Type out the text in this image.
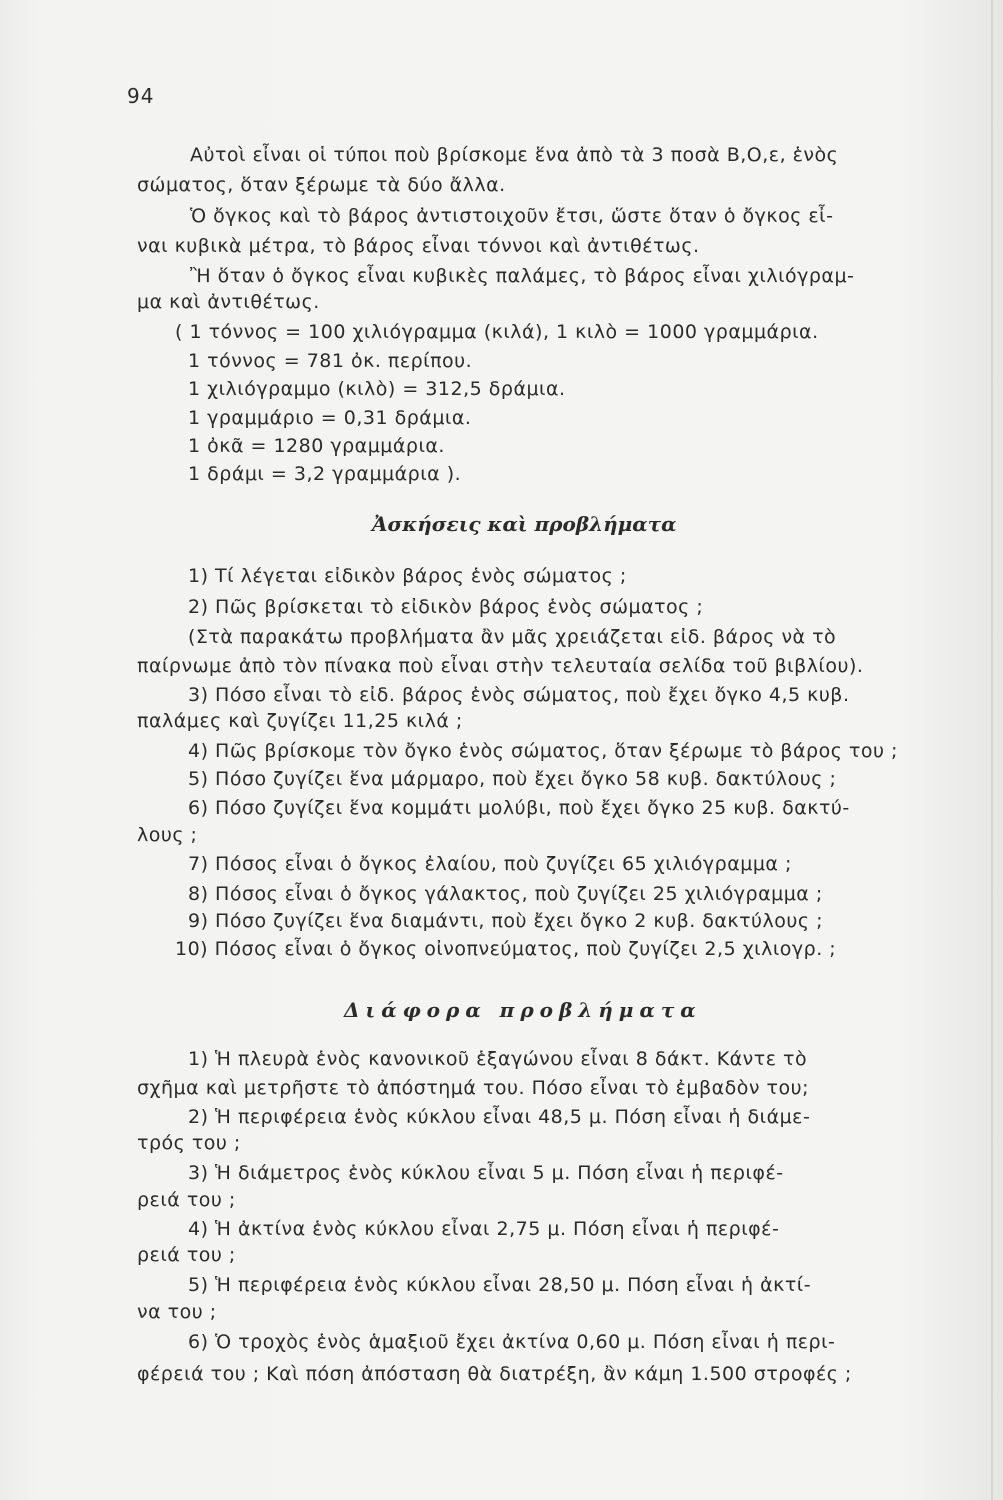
94
Αὐτοὶ εἶναι οἱ τύποι ποὺ βρίσκομε ἕνα ἀπὸ τὰ 3 ποσὰ Β,Ο,ε, ἑνὸς
σώματος, ὅταν ξέρωμε τὰ δύο ἄλλα.
Ὁ ὄγκος καὶ τὸ βάρος ἀντιστοιχοῦν ἔτσι, ὥστε ὅταν ὁ ὄγκος εἶ-
ναι κυβικὰ μέτρα, τὸ βάρος εἶναι τόννοι καὶ ἀντιθέτως.
Ἢ ὅταν ὁ ὄγκος εἶναι κυβικὲς παλάμες, τὸ βάρος εἶναι χιλιόγραμ-
μα καὶ ἀντιθέτως.
( 1 τόννος = 100 χιλιόγραμμα (κιλά), 1 κιλὸ = 1000 γραμμάρια.
1 τόννος = 781 ὀκ. περίπου.
1 χιλιόγραμμο (κιλὸ) = 312,5 δράμια.
1 γραμμάριο = 0,31 δράμια.
1 ὀκᾶ = 1280 γραμμάρια.
1 δράμι = 3,2 γραμμάρια ).
Ἀσκήσεις καὶ προβλήματα
1) Τί λέγεται εἰδικὸν βάρος ἑνὸς σώματος ;
2) Πῶς βρίσκεται τὸ εἰδικὸν βάρος ἑνὸς σώματος ;
(Στὰ παρακάτω προβλήματα ἂν μᾶς χρειάζεται εἰδ. βάρος νὰ τὸ
παίρνωμε ἀπὸ τὸν πίνακα ποὺ εἶναι στὴν τελευταία σελίδα τοῦ βιβλίου).
3) Πόσο εἶναι τὸ εἰδ. βάρος ἑνὸς σώματος, ποὺ ἔχει ὄγκο 4,5 κυβ.
παλάμες καὶ ζυγίζει 11,25 κιλά ;
4) Πῶς βρίσκομε τὸν ὄγκο ἑνὸς σώματος, ὅταν ξέρωμε τὸ βάρος του ;
5) Πόσο ζυγίζει ἕνα μάρμαρο, ποὺ ἔχει ὄγκο 58 κυβ. δακτύλους ;
6) Πόσο ζυγίζει ἕνα κομμάτι μολύβι, ποὺ ἔχει ὄγκο 25 κυβ. δακτύ-
λους ;
7) Πόσος εἶναι ὁ ὄγκος ἐλαίου, ποὺ ζυγίζει 65 χιλιόγραμμα ;
8) Πόσος εἶναι ὁ ὄγκος γάλακτος, ποὺ ζυγίζει 25 χιλιόγραμμα ;
9) Πόσο ζυγίζει ἕνα διαμάντι, ποὺ ἔχει ὄγκο 2 κυβ. δακτύλους ;
10) Πόσος εἶναι ὁ ὄγκος οἰνοπνεύματος, ποὺ ζυγίζει 2,5 χιλιογρ. ;
Διάφορα προβλήματα
1) Ἡ πλευρὰ ἑνὸς κανονικοῦ ἑξαγώνου εἶναι 8 δάκτ. Κάντε τὸ
σχῆμα καὶ μετρῆστε τὸ ἀπόστημά του. Πόσο εἶναι τὸ ἐμβαδὸν του;
2) Ἡ περιφέρεια ἑνὸς κύκλου εἶναι 48,5 μ. Πόση εἶναι ἡ διάμε-
τρός του ;
3) Ἡ διάμετρος ἑνὸς κύκλου εἶναι 5 μ. Πόση εἶναι ἡ περιφέ-
ρειά του ;
4) Ἡ ἀκτίνα ἑνὸς κύκλου εἶναι 2,75 μ. Πόση εἶναι ἡ περιφέ-
ρειά του ;
5) Ἡ περιφέρεια ἑνὸς κύκλου εἶναι 28,50 μ. Πόση εἶναι ἡ ἀκτί-
να του ;
6) Ὁ τροχὸς ἑνὸς ἁμαξιοῦ ἔχει ἀκτίνα 0,60 μ. Πόση εἶναι ἡ περι-
φέρειά του ; Καὶ πόση ἀπόσταση θὰ διατρέξη, ἂν κάμη 1.500 στροφές ;
